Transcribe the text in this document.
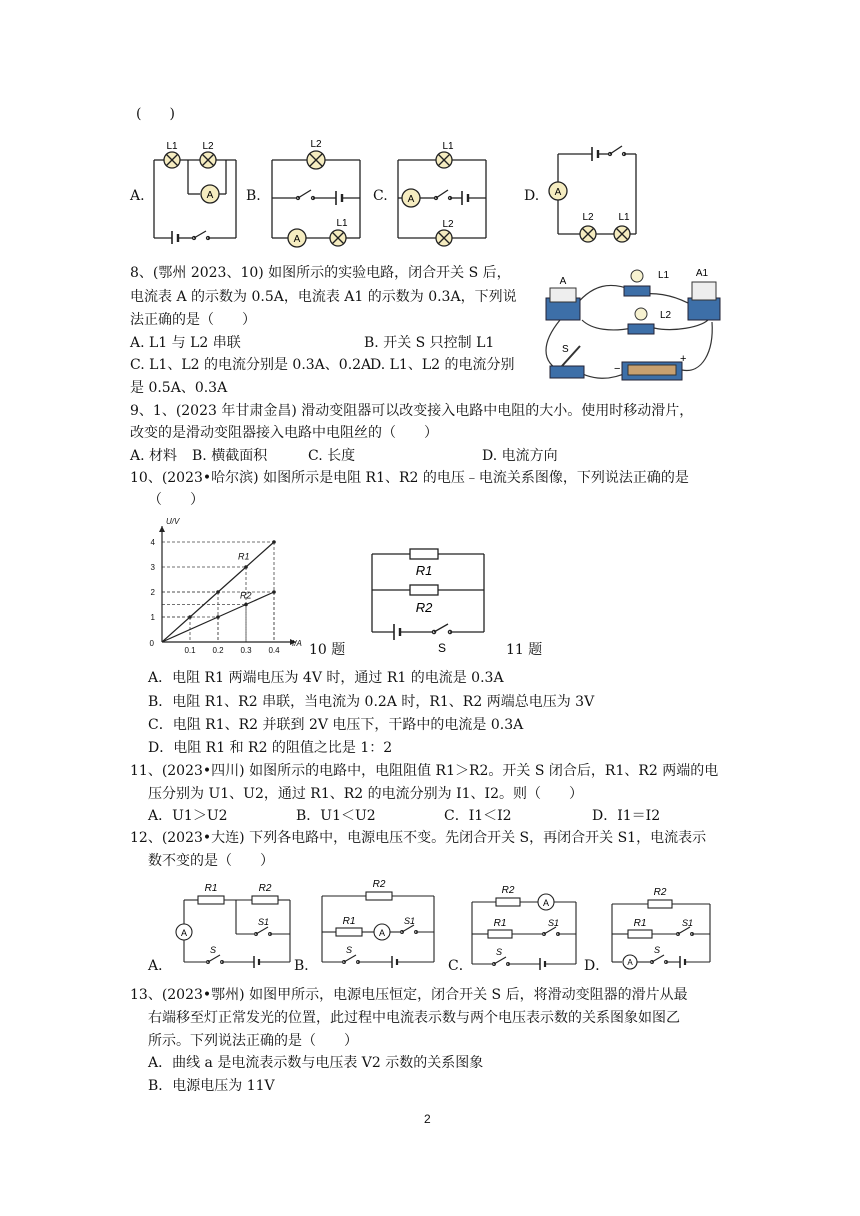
(　　)
A.	B.	C.	D.
A
L1 L2
A
L2
L1
A
L1
L2
A
L2 L1
8、(鄂州 2023、10) 如图所示的实验电路，闭合开关 S 后，
电流表 A 的示数为 0.5A，电流表 A1 的示数为 0.3A，下列说
法正确的是（　　）
A. L1 与 L2 串联	B. 开关 S 只控制 L1
C. L1、L2 的电流分别是 0.3A、0.2A
D. L1、L2 的电流分别
是 0.5A、0.3A
A
L1	A1
L2
S
−
+
9、1、(2023 年甘肃金昌) 滑动变阻器可以改变接入电路中电阻的大小。使用时移动滑片，
改变的是滑动变阻器接入电路中电阻丝的（　　）
A. 材料 B. 横截面积	C. 长度	D. 电流方向
10、(2023•哈尔滨) 如图所示是电阻 R1、R2 的电压﹣电流关系图像，下列说法正确的是
（　　）
R1
R2
0.1 0.2 0.3 0.4
1
2
3
4
0	I/A
U/V
10 题
R1
R2
S	11 题
A．电阻 R1 两端电压为 4V 时，通过 R1 的电流是 0.3A
B．电阻 R1、R2 串联，当电流为 0.2A 时，R1、R2 两端总电压为 3V
C．电阻 R1、R2 并联到 2V 电压下，干路中的电流是 0.3A
D．电阻 R1 和 R2 的阻值之比是 1：2
11、(2023•四川) 如图所示的电路中，电阻阻值 R1＞R2。开关 S 闭合后，R1、R2 两端的电
压分别为 U1、U2，通过 R1、R2 的电流分别为 I1、I2。则（　　）
A．U1＞U2	B．U1＜U2	C．I1＜I2	D．I1＝I2
12、(2023•大连) 下列各电路中，电源电压不变。先闭合开关 S，再闭合开关 S1，电流表示
数不变的是（　　）
A．	B．	C．	D．
A
R1	R2
S1
S
A
R2
R1	S1
S
A
R2
R1	S1
S
A
R2
R1	S1
S
13、(2023•鄂州) 如图甲所示，电源电压恒定，闭合开关 S 后，将滑动变阻器的滑片从最
右端移至灯正常发光的位置，此过程中电流表示数与两个电压表示数的关系图象如图乙
所示。下列说法正确的是（　　）
A．曲线 a 是电流表示数与电压表 V2 示数的关系图象
B．电源电压为 11V
2
